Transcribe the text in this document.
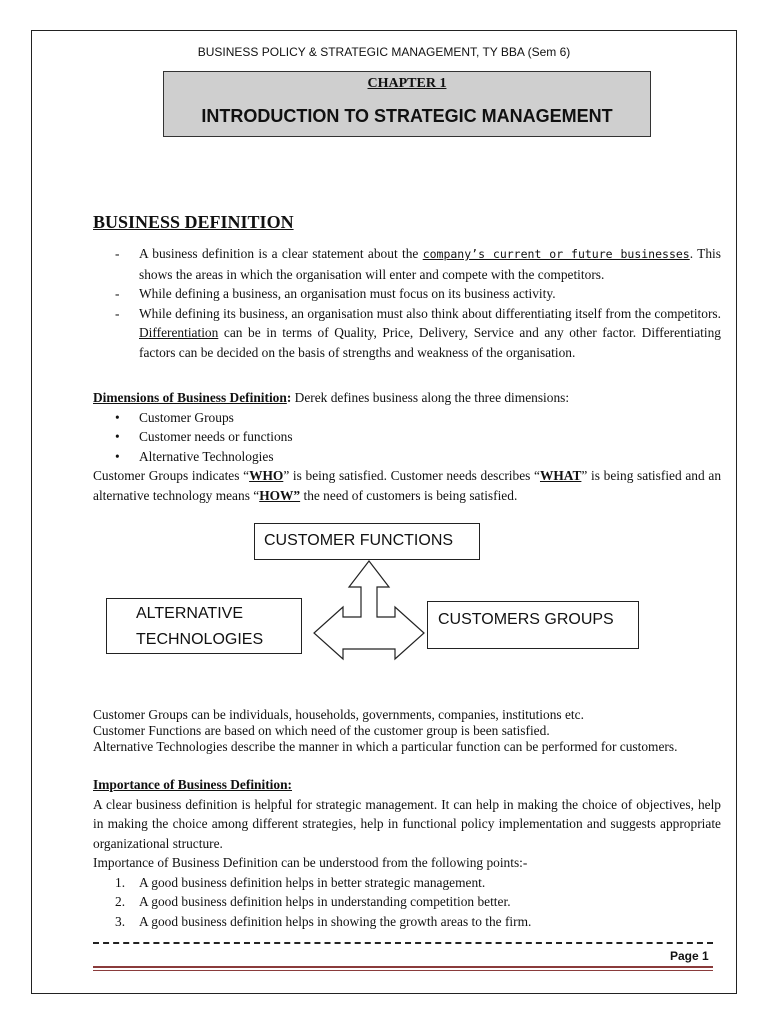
BUSINESS POLICY & STRATEGIC MANAGEMENT, TY BBA (Sem 6)
CHAPTER 1
INTRODUCTION TO STRATEGIC MANAGEMENT
BUSINESS DEFINITION
- A business definition is a clear statement about the company’s current or future businesses. This shows the areas in which the organisation will enter and compete with the competitors.
- While defining a business, an organisation must focus on its business activity.
- While defining its business, an organisation must also think about differentiating itself from the competitors. Differentiation can be in terms of Quality, Price, Delivery, Service and any other factor. Differentiating factors can be decided on the basis of strengths and weakness of the organisation.

Dimensions of Business Definition: Derek defines business along the three dimensions:

• Customer Groups
• Customer needs or functions
• Alternative Technologies

Customer Groups indicates “WHO” is being satisfied. Customer needs describes “WHAT” is being satisfied and an alternative technology means “HOW” the need of customers is being satisfied.

CUSTOMER FUNCTIONS
ALTERNATIVE
TECHNOLOGIES
CUSTOMERS GROUPS

Customer Groups can be individuals, households, governments, companies, institutions etc.

Customer Functions are based on which need of the customer group is been satisfied.

Alternative Technologies describe the manner in which a particular function can be performed for customers.

Importance of Business Definition:

A clear business definition is helpful for strategic management. It can help in making the choice of objectives, help in making the choice among different strategies, help in functional policy implementation and suggests appropriate organizational structure.

Importance of Business Definition can be understood from the following points:-

1. A good business definition helps in better strategic management.
2. A good business definition helps in understanding competition better.
3. A good business definition helps in showing the growth areas to the firm.
Page 1
